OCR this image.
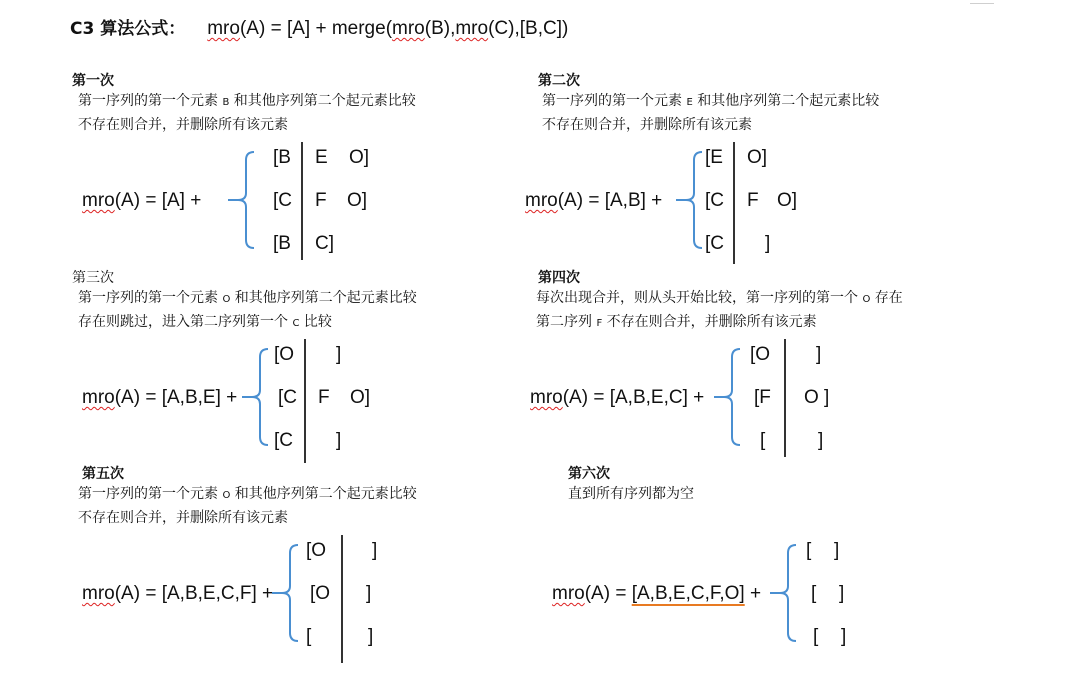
C3 算法公式： mro(A) = [A] + merge(mro(B),mro(C),[B,C])
第一次
第一序列的第一个元素 B 和其他序列第二个起元素比较
不存在则合并，并删除所有该元素
mro(A) = [A] +
[B E O]
[C F O]
[B C]
第二次
第一序列的第一个元素 E 和其他序列第二个起元素比较
不存在则合并，并删除所有该元素
mro(A) = [A,B] +
[E O]
[C F O]
[C ]
第三次
第一序列的第一个元素 O 和其他序列第二个起元素比较
存在则跳过，进入第二序列第一个 C 比较
mro(A) = [A,B,E] +
[O ]
[C F O]
[C ]
第四次
每次出现合并，则从头开始比较，第一序列的第一个 O 存在
第二序列 F 不存在则合并，并删除所有该元素
mro(A) = [A,B,E,C] +
[O ]
[F O ]
[	]
第五次
第一序列的第一个元素 O 和其他序列第二个起元素比较
不存在则合并，并删除所有该元素
mro(A) = [A,B,E,C,F] +
[O ]
[O ]
[	]
第六次
直到所有序列都为空
mro(A) = [A,B,E,C,F,O] +
[ ]
[ ]
[ ]
